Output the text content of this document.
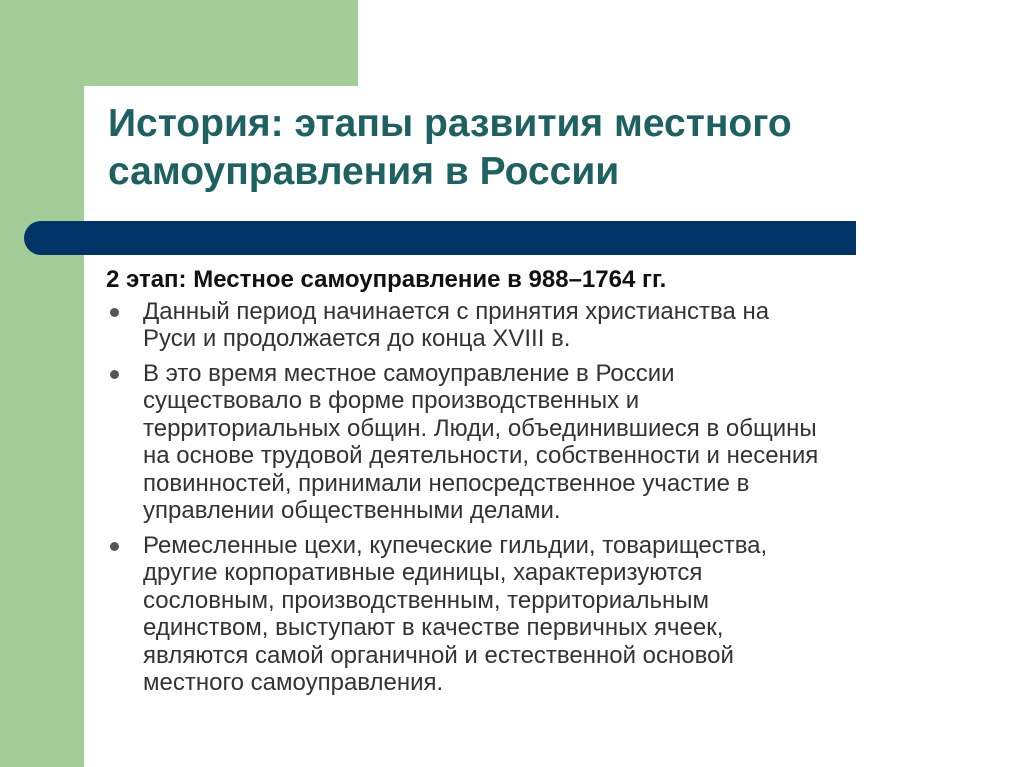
История: этапы развития местного
самоуправления в России

2 этап: Местное самоуправление в 988–1764 гг.

Данный период начинается с принятия христианства на
Руси и продолжается до конца XVIII в.
В это время местное самоуправление в России
существовало в форме производственных и
территориальных общин. Люди, объединившиеся в общины
на основе трудовой деятельности, собственности и несения
повинностей, принимали непосредственное участие в
управлении общественными делами.
Ремесленные цехи, купеческие гильдии, товарищества,
другие корпоративные единицы, характеризуются
сословным, производственным, территориальным
единством, выступают в качестве первичных ячеек,
являются самой органичной и естественной основой
местного самоуправления.
